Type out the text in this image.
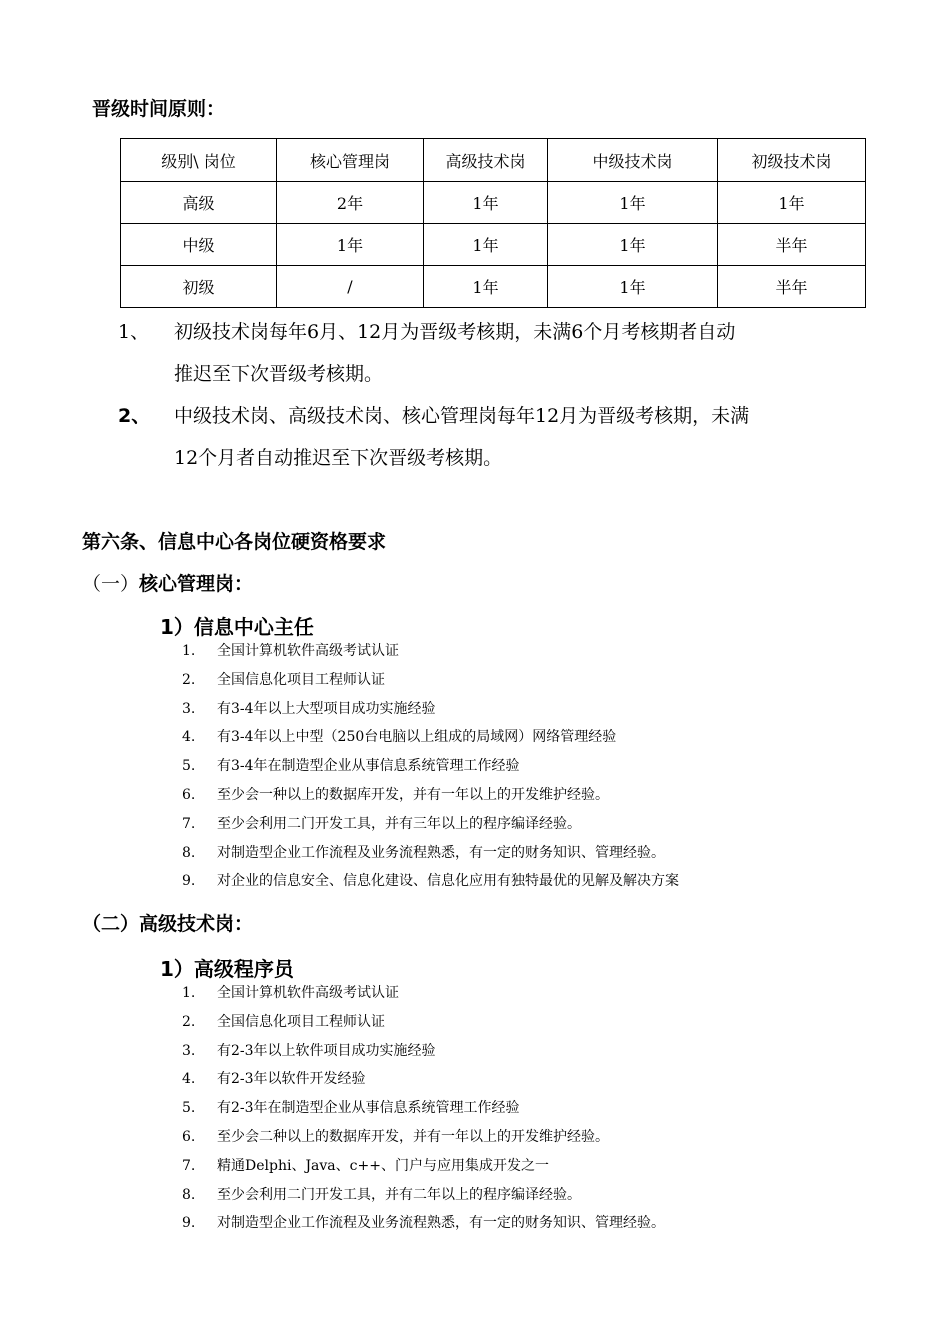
晋级时间原则：
级别\ 岗位	核心管理岗	高级技术岗	中级技术岗	初级技术岗
高级	2年	1年	1年	1年
中级	1年	1年	1年	半年
初级	/	1年	1年	半年
1、 初级技术岗每年6月、12月为晋级考核期，未满6个月考核期者自动
推迟至下次晋级考核期。
2、 中级技术岗、高级技术岗、核心管理岗每年12月为晋级考核期，未满
12个月者自动推迟至下次晋级考核期。
第六条、信息中心各岗位硬资格要求
（一）核心管理岗：
1）信息中心主任
1. 全国计算机软件高级考试认证
2. 全国信息化项目工程师认证
3. 有3-4年以上大型项目成功实施经验
4. 有3-4年以上中型（250台电脑以上组成的局域网）网络管理经验
5. 有3-4年在制造型企业从事信息系统管理工作经验
6. 至少会一种以上的数据库开发，并有一年以上的开发维护经验。
7. 至少会利用二门开发工具，并有三年以上的程序编译经验。
8. 对制造型企业工作流程及业务流程熟悉，有一定的财务知识、管理经验。
9. 对企业的信息安全、信息化建设、信息化应用有独特最优的见解及解决方案
（二）高级技术岗：
1）高级程序员
1. 全国计算机软件高级考试认证
2. 全国信息化项目工程师认证
3. 有2-3年以上软件项目成功实施经验
4. 有2-3年以软件开发经验
5. 有2-3年在制造型企业从事信息系统管理工作经验
6. 至少会二种以上的数据库开发，并有一年以上的开发维护经验。
7. 精通Delphi、Java、c++、门户与应用集成开发之一
8. 至少会利用二门开发工具，并有二年以上的程序编译经验。
9. 对制造型企业工作流程及业务流程熟悉，有一定的财务知识、管理经验。
